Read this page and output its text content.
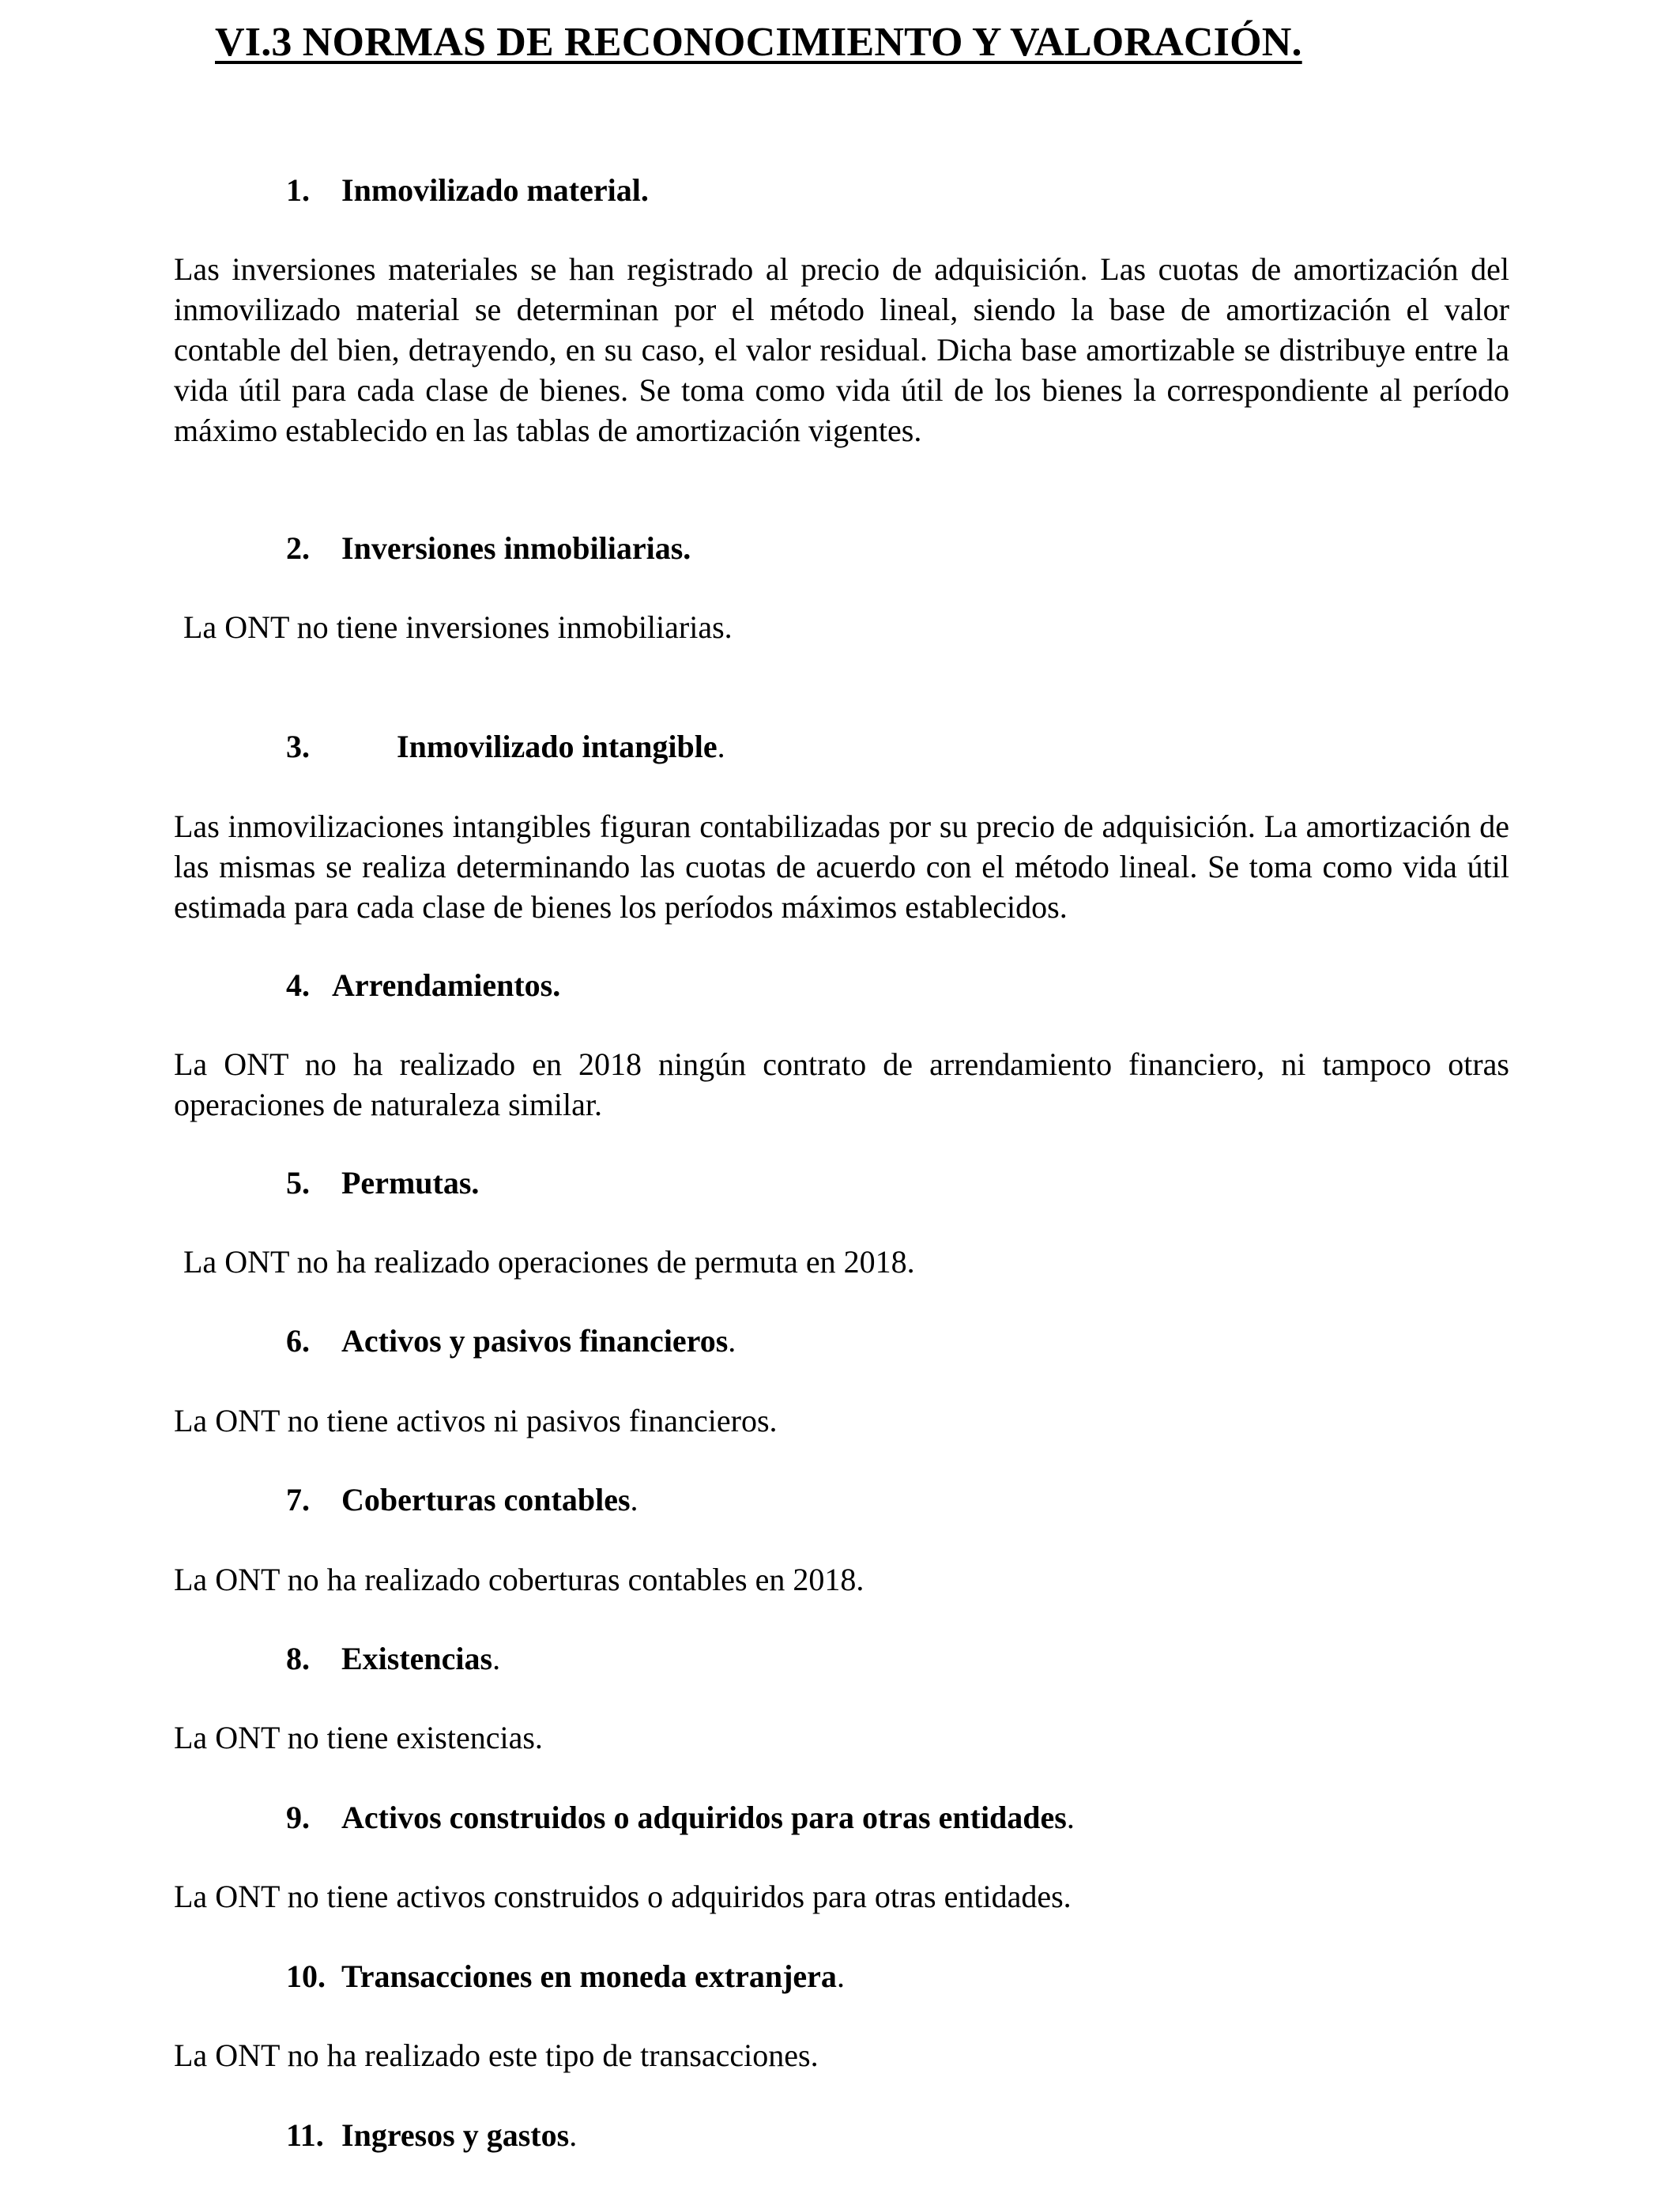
VI.3 NORMAS DE RECONOCIMIENTO Y VALORACIÓN.
1. Inmovilizado material.

Las inversiones materiales se han registrado al precio de adquisición. Las cuotas de amortización del inmovilizado material se determinan por el método lineal, siendo la base de amortización el valor contable del bien, detrayendo, en su caso, el valor residual. Dicha base amortizable se distribuye entre la vida útil para cada clase de bienes. Se toma como vida útil de los bienes la correspondiente al período máximo establecido en las tablas de amortización vigentes.

2. Inversiones inmobiliarias.
La ONT no tiene inversiones inmobiliarias.
3.	Inmovilizado intangible.

Las inmovilizaciones intangibles figuran contabilizadas por su precio de adquisición. La amortización de las mismas se realiza determinando las cuotas de acuerdo con el método lineal. Se toma como vida útil estimada para cada clase de bienes los períodos máximos establecidos.

4. Arrendamientos.

La ONT no ha realizado en 2018 ningún contrato de arrendamiento financiero, ni tampoco otras operaciones de naturaleza similar.

5. Permutas.
La ONT no ha realizado operaciones de permuta en 2018.
6. Activos y pasivos financieros.
La ONT no tiene activos ni pasivos financieros.
7. Coberturas contables.
La ONT no ha realizado coberturas contables en 2018.
8. Existencias.
La ONT no tiene existencias.
9. Activos construidos o adquiridos para otras entidades.
La ONT no tiene activos construidos o adquiridos para otras entidades.
10. Transacciones en moneda extranjera.
La ONT no ha realizado este tipo de transacciones.
11. Ingresos y gastos.
